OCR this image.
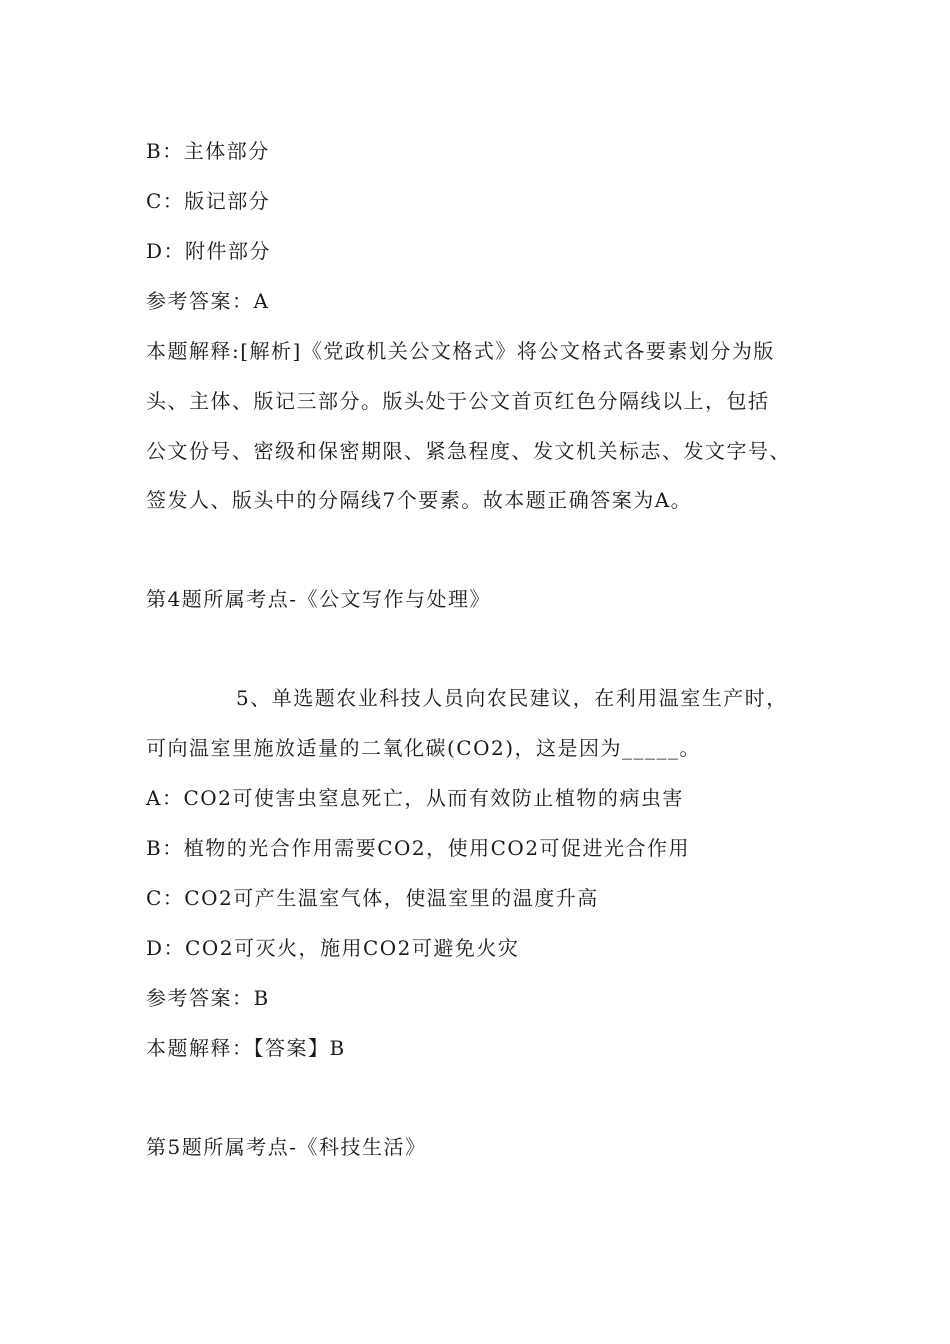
B：主体部分
C：版记部分
D：附件部分
参考答案：A
本题解释:[解析]《党政机关公文格式》将公文格式各要素划分为版
头、主体、版记三部分。版头处于公文首页红色分隔线以上，包括
公文份号、密级和保密期限、紧急程度、发文机关标志、发文字号、
签发人、版头中的分隔线7个要素。故本题正确答案为A。
第4题所属考点-《公文写作与处理》
5、单选题农业科技人员向农民建议，在利用温室生产时，
可向温室里施放适量的二氧化碳(CO2)，这是因为_____。
A：CO2可使害虫窒息死亡，从而有效防止植物的病虫害
B：植物的光合作用需要CO2，使用CO2可促进光合作用
C：CO2可产生温室气体，使温室里的温度升高
D：CO2可灭火，施用CO2可避免火灾
参考答案：B
本题解释：【答案】B
第5题所属考点-《科技生活》
